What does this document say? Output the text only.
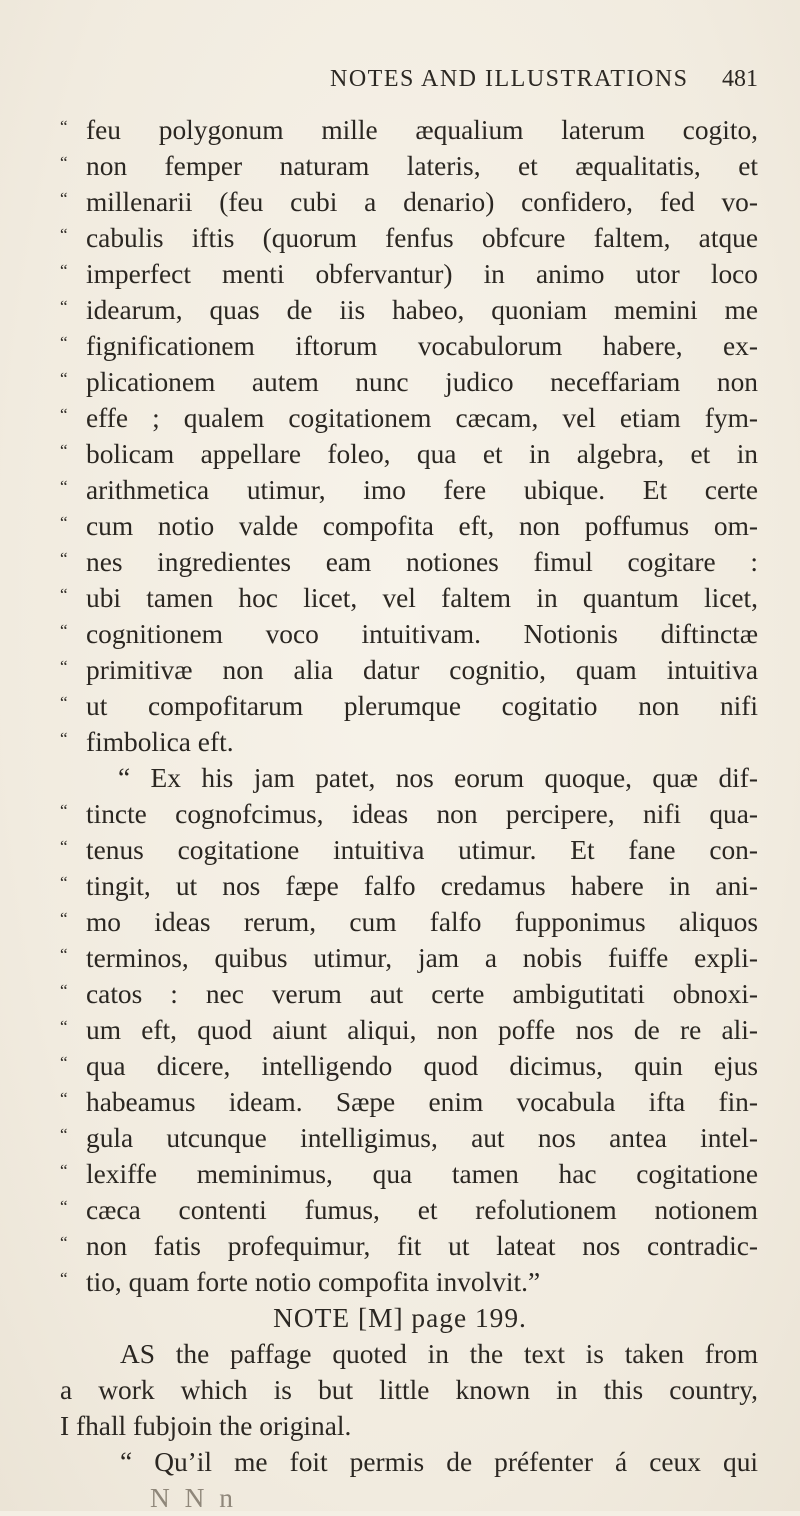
NOTES AND ILLUSTRATIONS 481
“ feu polygonum mille æqualium laterum cogito,
“ non femper naturam lateris, et æqualitatis, et
“ millenarii (feu cubi a denario) confidero, fed vo-
“ cabulis iftis (quorum fenfus obfcure faltem, atque
“ imperfect menti obfervantur) in animo utor loco
“ idearum, quas de iis habeo, quoniam memini me
“ fignificationem iftorum vocabulorum habere, ex-
“ plicationem autem nunc judico neceffariam non
“ effe ; qualem cogitationem cæcam, vel etiam fym-
“ bolicam appellare foleo, qua et in algebra, et in
“ arithmetica utimur, imo fere ubique. Et certe
“ cum notio valde compofita eft, non poffumus om-
“ nes ingredientes eam notiones fimul cogitare :
“ ubi tamen hoc licet, vel faltem in quantum licet,
“ cognitionem voco intuitivam. Notionis diftinctæ
“ primitivæ non alia datur cognitio, quam intuitiva
“ ut compofitarum plerumque cogitatio non nifi
“ fimbolica eft.
“ Ex his jam patet, nos eorum quoque, quæ dif-
“ tincte cognofcimus, ideas non percipere, nifi qua-
“ tenus cogitatione intuitiva utimur. Et fane con-
“ tingit, ut nos fæpe falfo credamus habere in ani-
“ mo ideas rerum, cum falfo fupponimus aliquos
“ terminos, quibus utimur, jam a nobis fuiffe expli-
“ catos : nec verum aut certe ambigutitati obnoxi-
“ um eft, quod aiunt aliqui, non poffe nos de re ali-
“ qua dicere, intelligendo quod dicimus, quin ejus
“ habeamus ideam. Sæpe enim vocabula ifta fin-
“ gula utcunque intelligimus, aut nos antea intel-
“ lexiffe meminimus, qua tamen hac cogitatione
“ cæca contenti fumus, et refolutionem notionem
“ non fatis profequimur, fit ut lateat nos contradic-
“ tio, quam forte notio compofita involvit.”
NOTE [M] page 199.
AS the paffage quoted in the text is taken from
a work which is but little known in this country,
I fhall fubjoin the original.
“ Qu’il me foit permis de préfenter á ceux qui
N N n
